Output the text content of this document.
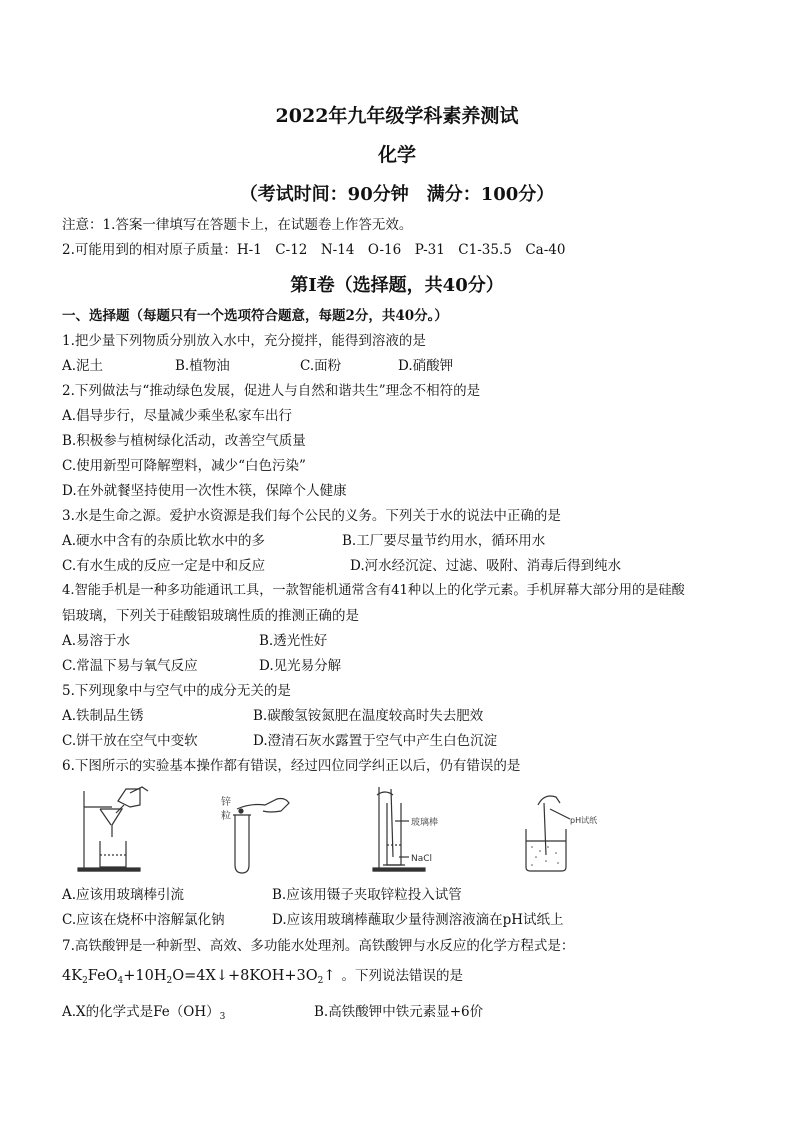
2022年九年级学科素养测试
化学
（考试时间：90分钟　满分：100分）
注意：1.答案一律填写在答题卡上，在试题卷上作答无效。
2.可能用到的相对原子质量：H-1　C-12　N-14　O-16　P-31　C1-35.5　Ca-40
第Ⅰ卷（选择题，共40分）
一、选择题（每题只有一个选项符合题意，每题2分，共40分。）
1.把少量下列物质分别放入水中，充分搅拌，能得到溶液的是
A.泥土	B.植物油	C.面粉	D.硝酸钾
2.下列做法与“推动绿色发展，促进人与自然和谐共生”理念不相符的是
A.倡导步行，尽量减少乘坐私家车出行
B.积极参与植树绿化活动，改善空气质量
C.使用新型可降解塑料，减少“白色污染”
D.在外就餐坚持使用一次性木筷，保障个人健康
3.水是生命之源。爱护水资源是我们每个公民的义务。下列关于水的说法中正确的是
A.硬水中含有的杂质比软水中的多	B.工厂要尽量节约用水，循环用水
C.有水生成的反应一定是中和反应	D.河水经沉淀、过滤、吸附、消毒后得到纯水
4.智能手机是一种多功能通讯工具，一款智能机通常含有41种以上的化学元素。手机屏幕大部分用的是硅酸
铝玻璃，下列关于硅酸铝玻璃性质的推测正确的是
A.易溶于水	B.透光性好
C.常温下易与氧气反应	D.见光易分解
5.下列现象中与空气中的成分无关的是
A.铁制品生锈	B.碳酸氢铵氮肥在温度较高时失去肥效
C.饼干放在空气中变软	D.澄清石灰水露置于空气中产生白色沉淀
6.下图所示的实验基本操作都有错误，经过四位同学纠正以后，仍有错误的是
锌
粒
玻璃棒
NaCl
pH试纸
A.应该用玻璃棒引流	B.应该用镊子夹取锌粒投入试管
C.应该在烧杯中溶解氯化钠	D.应该用玻璃棒蘸取少量待测溶液滴在pH试纸上
7.高铁酸钾是一种新型、高效、多功能水处理剂。高铁酸钾与水反应的化学方程式是：
$4K_2FeO_4+10H_2O=4X↓+8KOH+3O_2↑$ 。下列说法错误的是
A.X的化学式是$Fe(OH)_3$	B.高铁酸钾中铁元素显+6价
